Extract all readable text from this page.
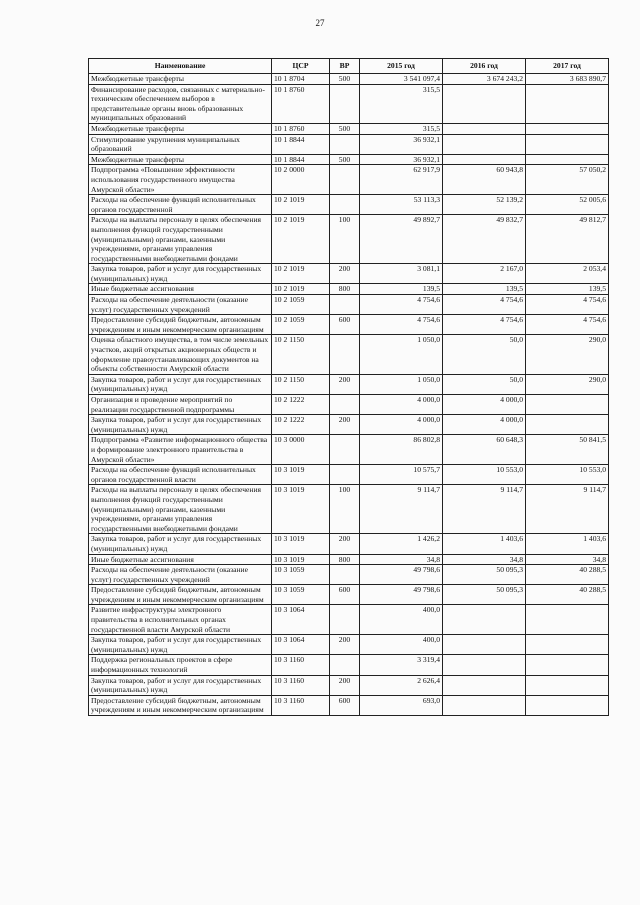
27
Наименование	ЦСР	ВР	2015 год	2016 год	2017 год
Межбюджетные трансферты	10 1 8704	500	3 541 097,4	3 674 243,2	3 683 890,7
Финансирование расходов, связанных с материально-техническим обеспечением выборов в представительные органы вновь образованных муниципальных образований	10 1 8760		315,5		
Межбюджетные трансферты	10 1 8760	500	315,5		
Стимулирование укрупнения муниципальных образований	10 1 8844		36 932,1		
Межбюджетные трансферты	10 1 8844	500	36 932,1		
Подпрограмма «Повышение эффективности использования государственного имущества Амурской области»	10 2 0000		62 917,9	60 943,8	57 050,2
Расходы на обеспечение функций исполнительных органов государственной	10 2 1019		53 113,3	52 139,2	52 005,6
Расходы на выплаты персоналу в целях обеспечения выполнения функций государственными (муниципальными) органами, казенными учреждениями, органами управления государственными внебюджетными фондами	10 2 1019	100	49 892,7	49 832,7	49 812,7
Закупка товаров, работ и услуг для государственных (муниципальных) нужд	10 2 1019	200	3 081,1	2 167,0	2 053,4
Иные бюджетные ассигнования	10 2 1019	800	139,5	139,5	139,5
Расходы на обеспечение деятельности (оказание услуг) государственных учреждений	10 2 1059		4 754,6	4 754,6	4 754,6
Предоставление субсидий бюджетным, автономным учреждениям и иным некоммерческим организациям	10 2 1059	600	4 754,6	4 754,6	4 754,6
Оценка областного имущества, в том числе земельных участков, акций открытых акционерных обществ и оформление правоустанавливающих документов на объекты собственности Амурской области	10 2 1150		1 050,0	50,0	290,0
Закупка товаров, работ и услуг для государственных (муниципальных) нужд	10 2 1150	200	1 050,0	50,0	290,0
Организация и проведение мероприятий по реализации государственной подпрограммы	10 2 1222		4 000,0	4 000,0	
Закупка товаров, работ и услуг для государственных (муниципальных) нужд	10 2 1222	200	4 000,0	4 000,0	
Подпрограмма «Развитие информационного общества и формирование электронного правительства в Амурской области»	10 3 0000		86 802,8	60 648,3	50 841,5
Расходы на обеспечение функций исполнительных органов государственной власти	10 3 1019		10 575,7	10 553,0	10 553,0
Расходы на выплаты персоналу в целях обеспечения выполнения функций государственными (муниципальными) органами, казенными учреждениями, органами управления государственными внебюджетными фондами	10 3 1019	100	9 114,7	9 114,7	9 114,7
Закупка товаров, работ и услуг для государственных (муниципальных) нужд	10 3 1019	200	1 426,2	1 403,6	1 403,6
Иные бюджетные ассигнования	10 3 1019	800	34,8	34,8	34,8
Расходы на обеспечение деятельности (оказание услуг) государственных учреждений	10 3 1059		49 798,6	50 095,3	40 288,5
Предоставление субсидий бюджетным, автономным учреждениям и иным некоммерческим организациям	10 3 1059	600	49 798,6	50 095,3	40 288,5
Развитие инфраструктуры электронного правительства в исполнительных органах государственной власти Амурской области	10 3 1064		400,0		
Закупка товаров, работ и услуг для государственных (муниципальных) нужд	10 3 1064	200	400,0		
Поддержка региональных проектов в сфере информационных технологий	10 3 1160		3 319,4		
Закупка товаров, работ и услуг для государственных (муниципальных) нужд	10 3 1160	200	2 626,4		
Предоставление субсидий бюджетным, автономным учреждениям и иным некоммерческим организациям	10 3 1160	600	693,0		
